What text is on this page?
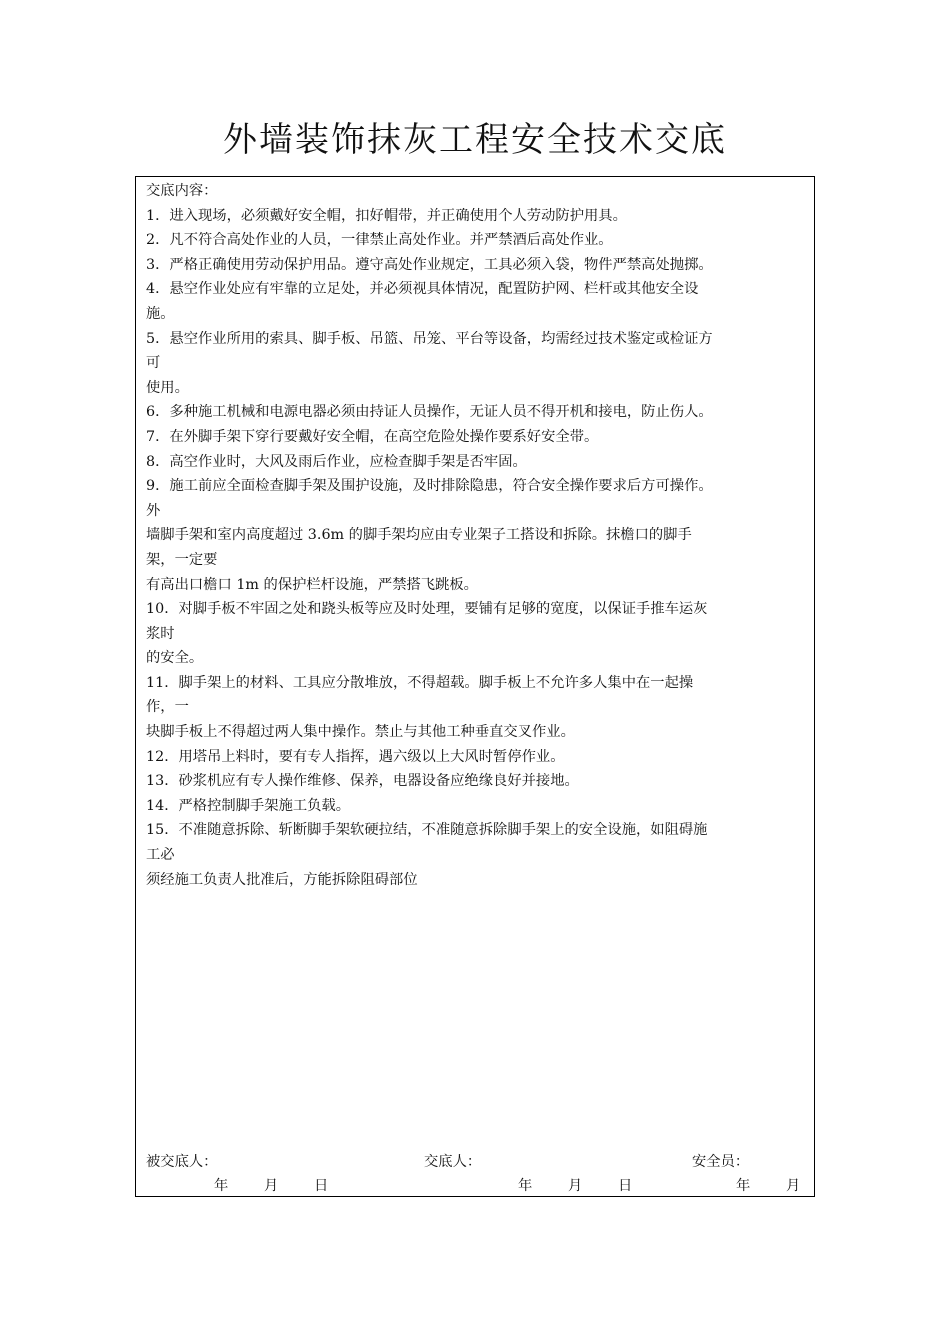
外墙装饰抹灰工程安全技术交底
交底内容：
1．进入现场，必须戴好安全帽，扣好帽带，并正确使用个人劳动防护用具。
2．凡不符合高处作业的人员，一律禁止高处作业。并严禁酒后高处作业。
3．严格正确使用劳动保护用品。遵守高处作业规定，工具必须入袋，物件严禁高处抛掷。
4．悬空作业处应有牢靠的立足处，并必须视具体情况，配置防护网、栏杆或其他安全设
施。
5．悬空作业所用的索具、脚手板、吊篮、吊笼、平台等设备，均需经过技术鉴定或检证方
可
使用。
6．多种施工机械和电源电器必须由持证人员操作，无证人员不得开机和接电，防止伤人。
7．在外脚手架下穿行要戴好安全帽，在高空危险处操作要系好安全带。
8．高空作业时，大风及雨后作业，应检查脚手架是否牢固。
9．施工前应全面检查脚手架及围护设施，及时排除隐患，符合安全操作要求后方可操作。
外
墙脚手架和室内高度超过 3.6m 的脚手架均应由专业架子工搭设和拆除。抹檐口的脚手
架，一定要
有高出口檐口 1m 的保护栏杆设施，严禁搭飞跳板。
10．对脚手板不牢固之处和跷头板等应及时处理，要铺有足够的宽度，以保证手推车运灰
浆时
的安全。
11．脚手架上的材料、工具应分散堆放，不得超载。脚手板上不允许多人集中在一起操
作，一
块脚手板上不得超过两人集中操作。禁止与其他工种垂直交叉作业。
12．用塔吊上料时，要有专人指挥，遇六级以上大风时暂停作业。
13．砂浆机应有专人操作维修、保养，电器设备应绝缘良好并接地。
14．严格控制脚手架施工负载。
15．不准随意拆除、斩断脚手架软硬拉结，不准随意拆除脚手架上的安全设施，如阻碍施
工必
须经施工负责人批准后，方能拆除阻碍部位
被交底人：	交底人：	安全员：
年 月 日	年 月 日	年 月
